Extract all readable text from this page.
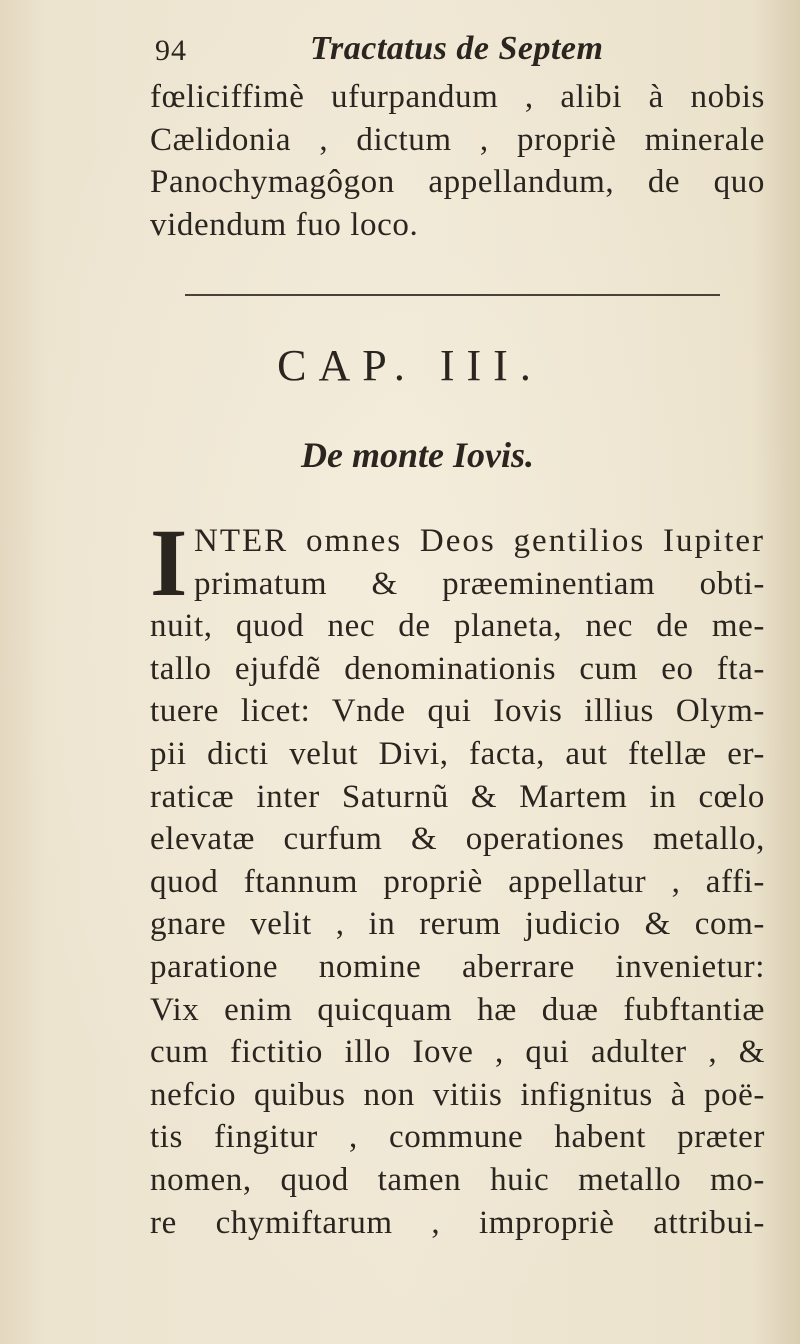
94	Tractatus de Septem
fœliciffimè ufurpandum , alibi à nobis
Cælidonia , dictum , propriè minerale
Panochymagôgon appellandum, de quo
videndum fuo loco.
CAP. III.
De monte Iovis.
I NTER omnes Deos gentilios Iupiter
primatum & præeminentiam obti-
nuit, quod nec de planeta, nec de me-
tallo ejufdẽ denominationis cum eo fta-
tuere licet: Vnde qui Iovis illius Olym-
pii dicti velut Divi, facta, aut ftellæ er-
raticæ inter Saturnũ & Martem in cœlo
elevatæ curfum & operationes metallo,
quod ftannum propriè appellatur , affi-
gnare velit , in rerum judicio & com-
paratione nomine aberrare invenietur:
Vix enim quicquam hæ duæ fubftantiæ
cum fictitio illo Iove , qui adulter , &
nefcio quibus non vitiis infignitus à poë-
tis fingitur , commune habent præter
nomen, quod tamen huic metallo mo-
re chymiftarum , impropriè attribui-
